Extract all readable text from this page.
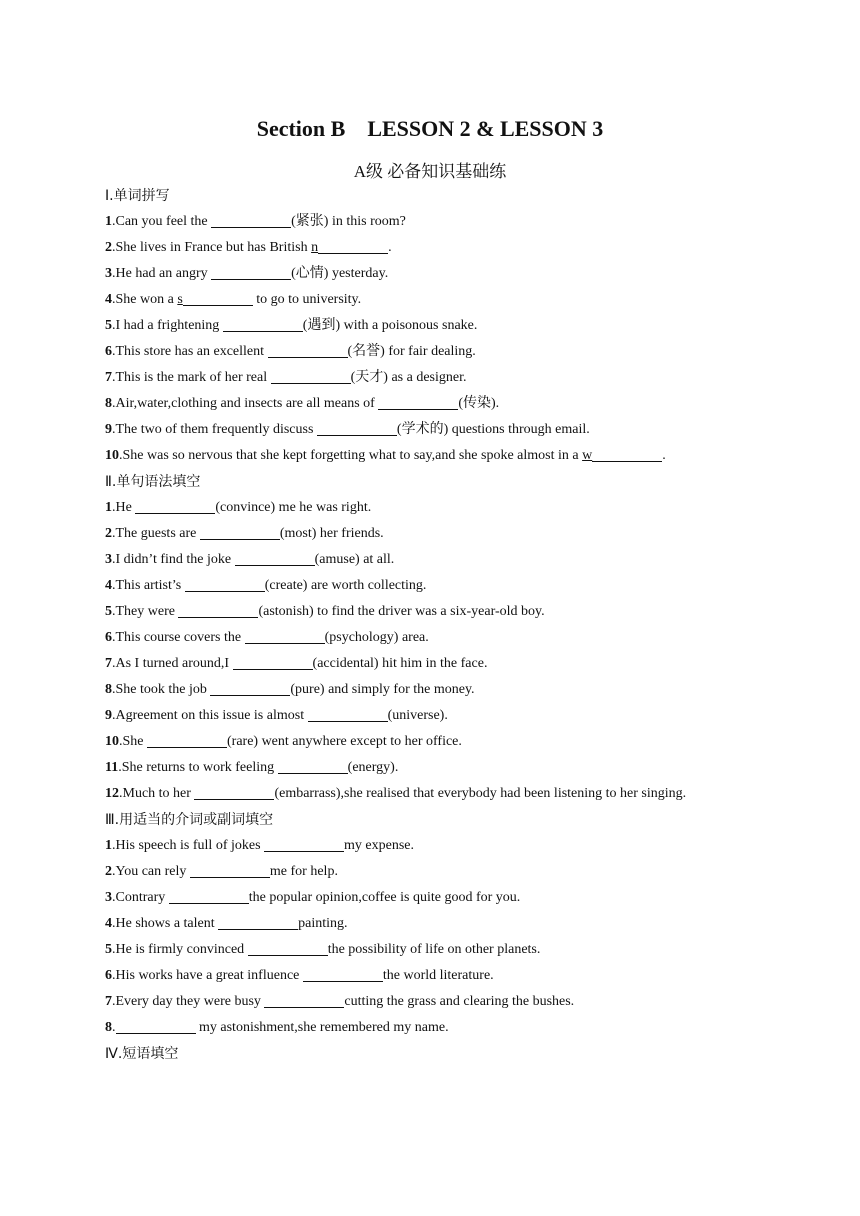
Section B    LESSON 2 & LESSON 3
A级 必备知识基础练
Ⅰ.单词拼写
1.Can you feel the	(紧张) in this room?
2.She lives in France but has British n	.
3.He had an angry	(心情) yesterday.
4.She won a s	to go to university.
5.I had a frightening	(遇到) with a poisonous snake.
6.This store has an excellent	(名誉) for fair dealing.
7.This is the mark of her real	(天才) as a designer.
8.Air,water,clothing and insects are all means of	(传染).
9.The two of them frequently discuss	(学术的) questions through email.
10.She was so nervous that she kept forgetting what to say,and she spoke almost in a w	.
Ⅱ.单句语法填空
1.He	(convince) me he was right.
2.The guests are	(most) her friends.
3.I didn’t find the joke	(amuse) at all.
4.This artist’s	(create) are worth collecting.
5.They were	(astonish) to find the driver was a six-year-old boy.
6.This course covers the	(psychology) area.
7.As I turned around,I	(accidental) hit him in the face.
8.She took the job	(pure) and simply for the money.
9.Agreement on this issue is almost	(universe).
10.She	(rare) went anywhere except to her office.
11.She returns to work feeling	(energy).
12.Much to her	(embarrass),she realised that everybody had been listening to her singing.
Ⅲ.用适当的介词或副词填空
1.His speech is full of jokes	my expense.
2.You can rely	me for help.
3.Contrary	the popular opinion,coffee is quite good for you.
4.He shows a talent	painting.
5.He is firmly convinced	the possibility of life on other planets.
6.His works have a great influence	the world literature.
7.Every day they were busy	cutting the grass and clearing the bushes.
8.	my astonishment,she remembered my name.
Ⅳ.短语填空
